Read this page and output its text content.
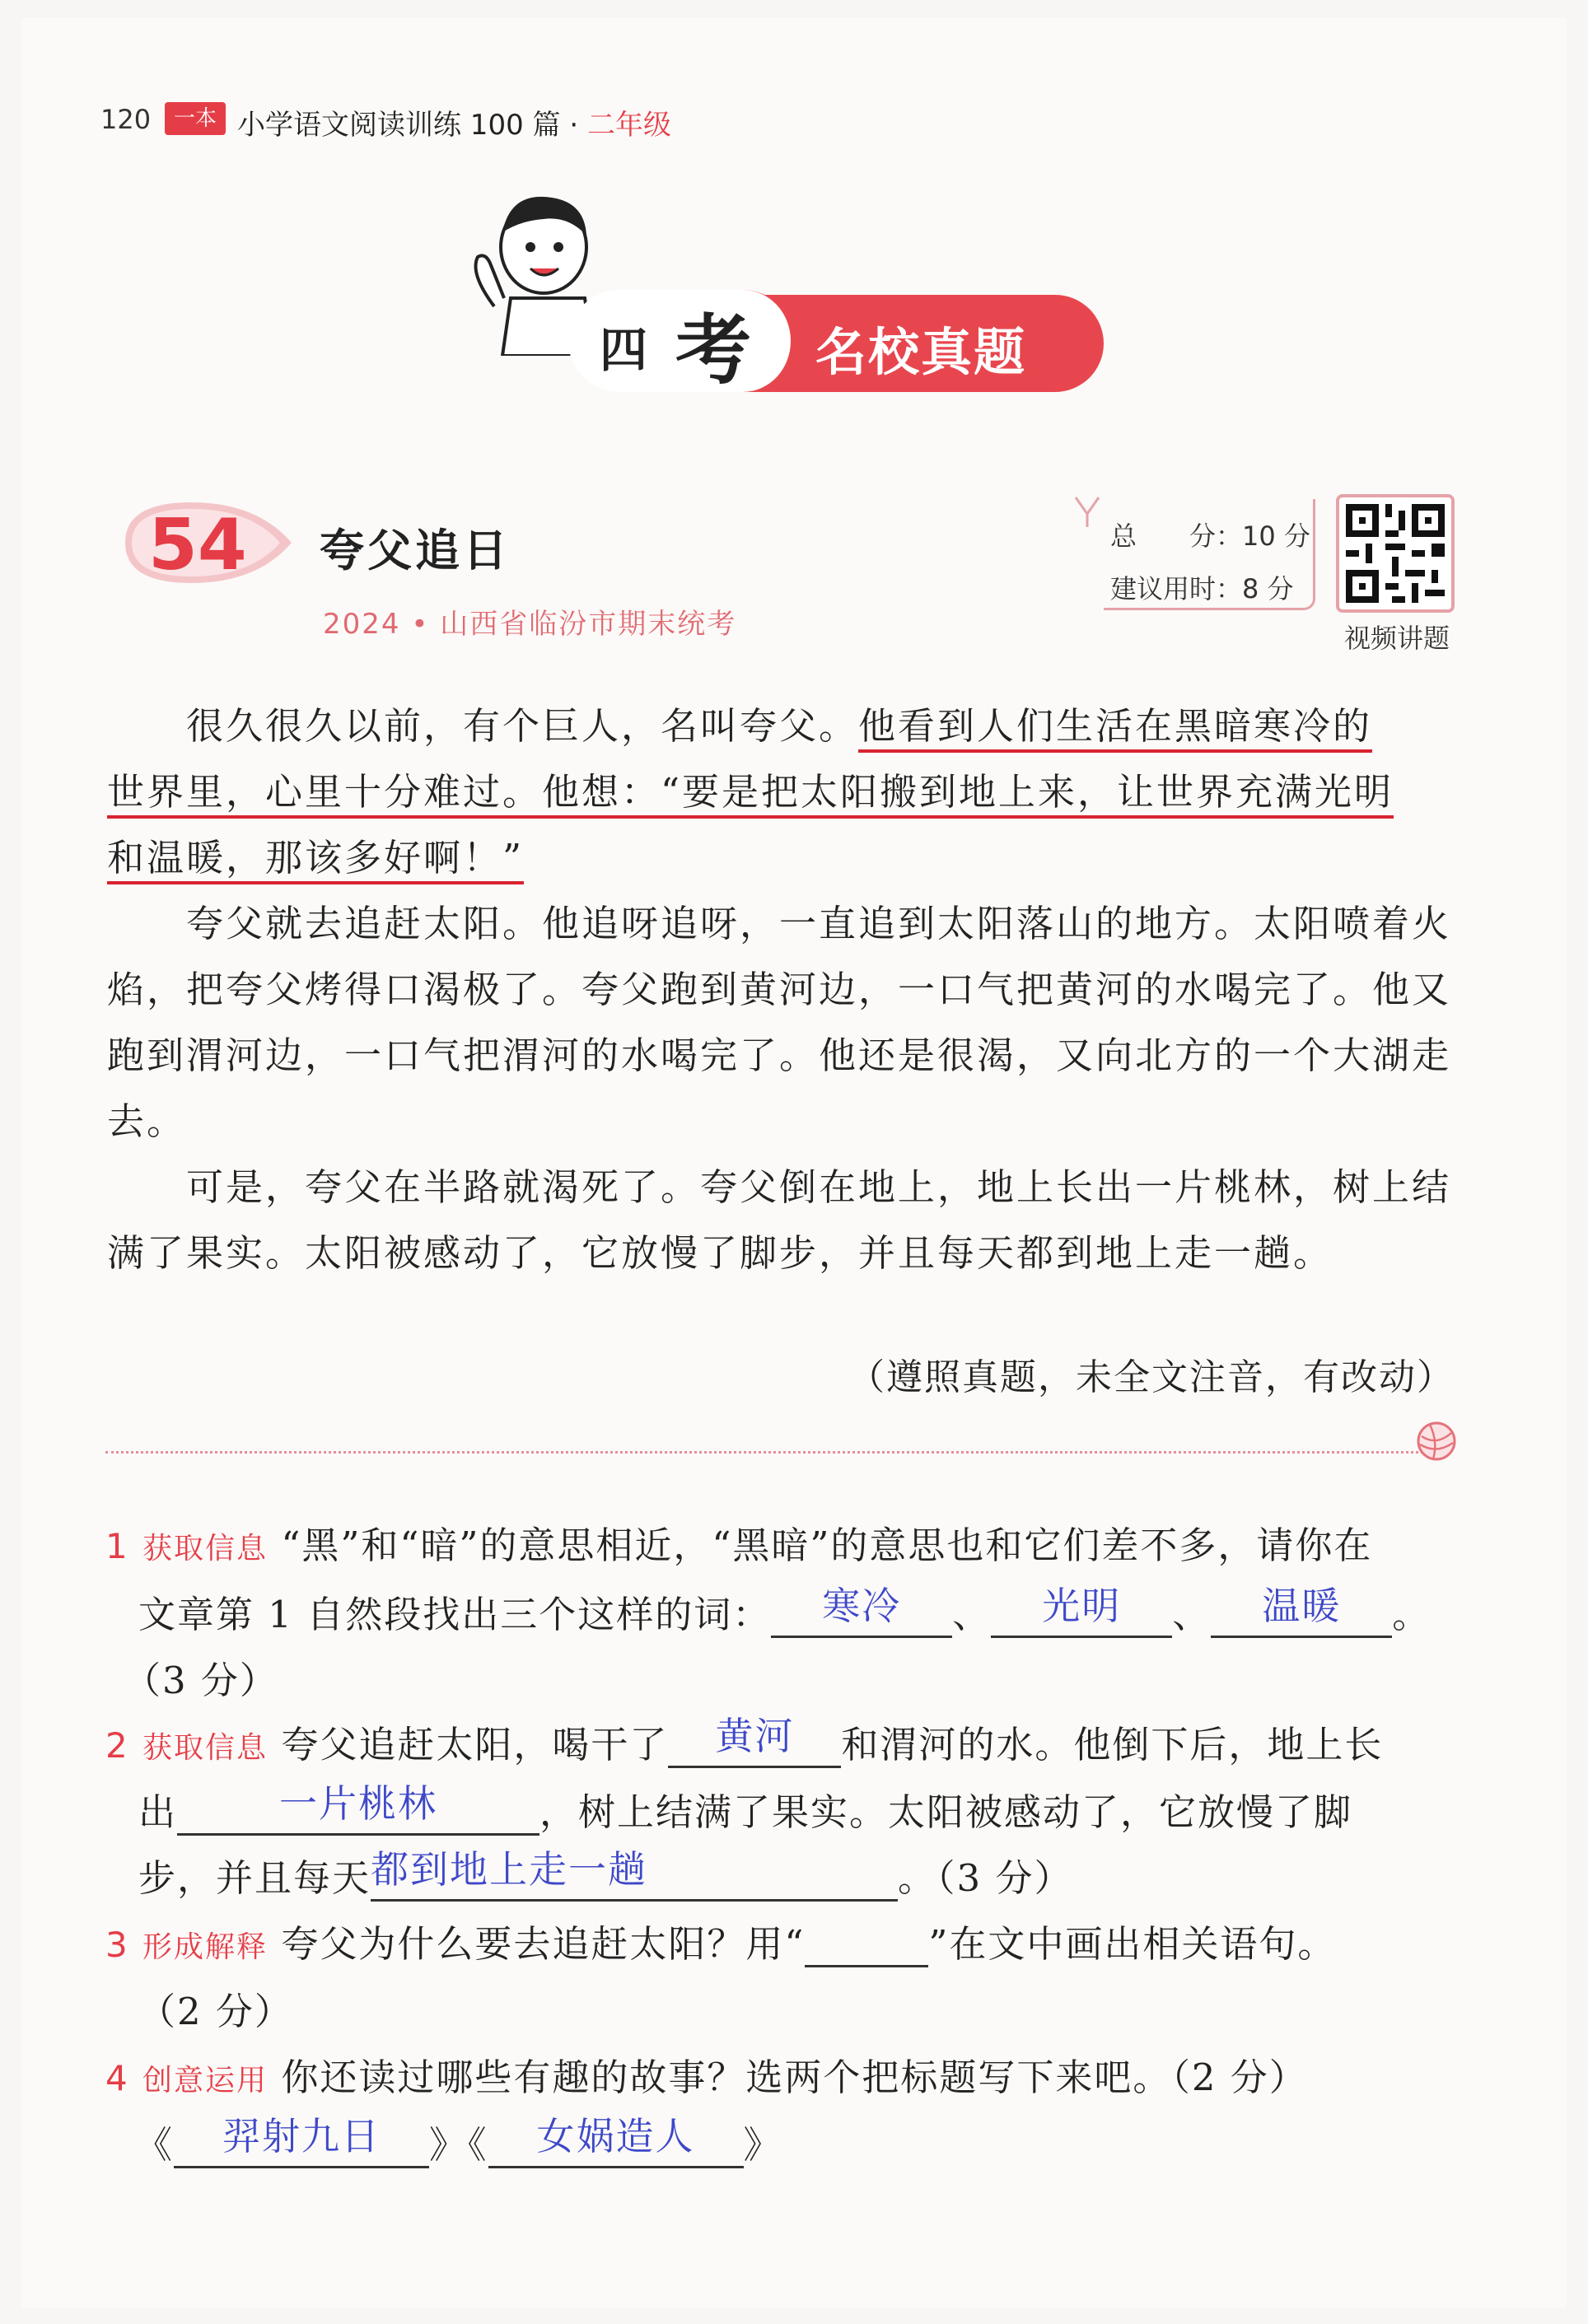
120	一本 小学语文阅读训练 100 篇 · 二年级
四 考 名校真题
54 夸父追日
2024 • 山西省临汾市期末统考
总　　分：10 分
建议用时：8 分
视频讲题
很久很久以前，有个巨人，名叫夸父。他看到人们生活在黑暗寒冷的
世界里，心里十分难过。他想：“要是把太阳搬到地上来，让世界充满光明
和温暖，那该多好啊！”
夸父就去追赶太阳。他追呀追呀，一直追到太阳落山的地方。太阳喷着火焰，把夸父烤得口渴极了。夸父跑到黄河边，一口气把黄河的水喝完了。他又跑到渭河边，一口气把渭河的水喝完了。他还是很渴，又向北方的一个大湖走去。
可是，夸父在半路就渴死了。夸父倒在地上，地上长出一片桃林，树上结满了果实。太阳被感动了，它放慢了脚步，并且每天都到地上走一趟。
（遵照真题，未全文注音，有改动）
1 获取信息 “黑”和“暗”的意思相近，“黑暗”的意思也和它们差不多，请你在
文章第 1 自然段找出三个这样的词：	寒冷	、	光明	、	温暖	。
（3 分）
2 获取信息 夸父追赶太阳，喝干了	黄河	和渭河的水。他倒下后，地上长
出	一片桃林	，树上结满了果实。太阳被感动了，它放慢了脚
步，并且每天 都到地上走一趟	。（3 分）
3 形成解释 夸父为什么要去追赶太阳？用“	”在文中画出相关语句。
（2 分）
4 创意运用 你还读过哪些有趣的故事？选两个把标题写下来吧。（2 分）
《	羿射九日	》《	女娲造人	》
